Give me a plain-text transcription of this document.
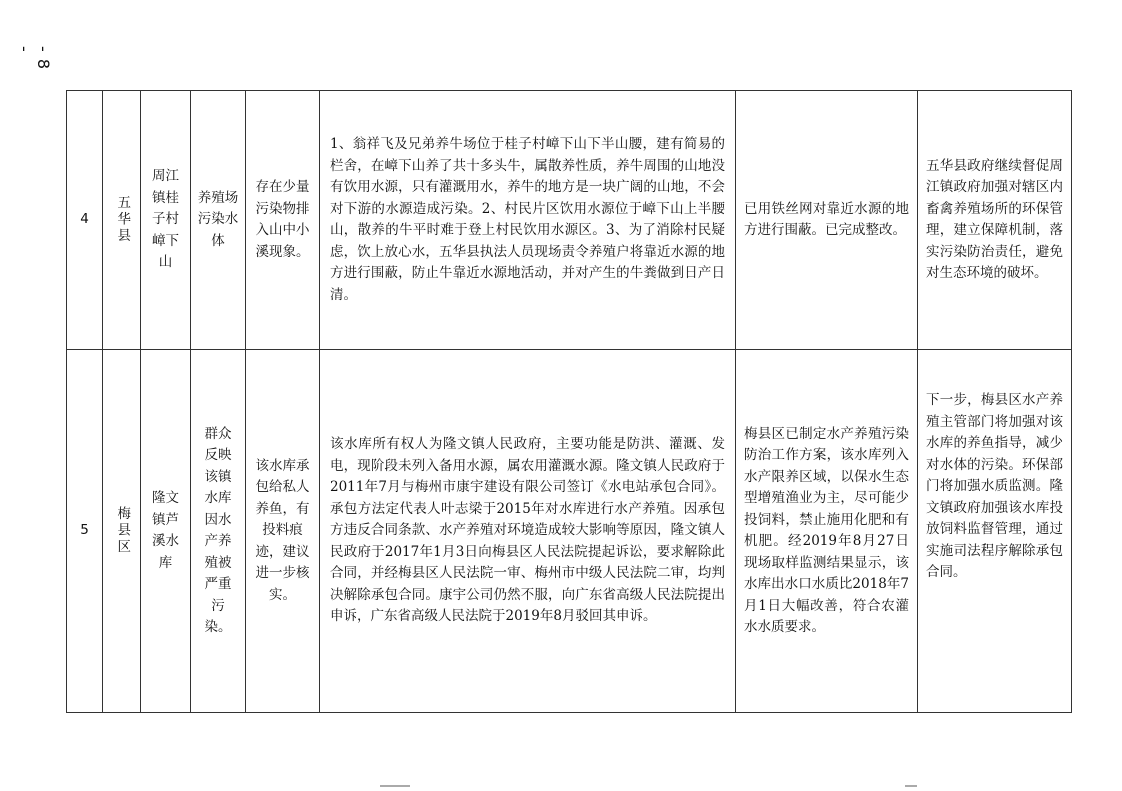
- 8 -
4	五华县	周江镇桂子村嶂下山	养殖场污染水体	存在少量污染物排入山中小溪现象。	1、翁祥飞及兄弟养牛场位于桂子村嶂下山下半山腰，建有简易的栏舍，在嶂下山养了共十多头牛，属散养性质，养牛周围的山地没有饮用水源，只有灌溉用水，养牛的地方是一块广阔的山地，不会对下游的水源造成污染。2、村民片区饮用水源位于嶂下山上半腰山，散养的牛平时难于登上村民饮用水源区。3、为了消除村民疑虑，饮上放心水，五华县执法人员现场责令养殖户将靠近水源的地方进行围蔽，防止牛靠近水源地活动，并对产生的牛粪做到日产日清。	已用铁丝网对靠近水源的地方进行围蔽。已完成整改。	五华县政府继续督促周江镇政府加强对辖区内畜禽养殖场所的环保管理，建立保障机制，落实污染防治责任，避免对生态环境的破坏。
5	梅县区	隆文镇芦溪水库	群众反映该镇水库因水产养殖被严重污染。	该水库承包给私人养鱼，有投料痕迹，建议进一步核实。	该水库所有权人为隆文镇人民政府，主要功能是防洪、灌溉、发电，现阶段未列入备用水源，属农用灌溉水源。隆文镇人民政府于2011年7月与梅州市康宇建设有限公司签订《水电站承包合同》。承包方法定代表人叶志梁于2015年对水库进行水产养殖。因承包方违反合同条款、水产养殖对环境造成较大影响等原因，隆文镇人民政府于2017年1月3日向梅县区人民法院提起诉讼，要求解除此合同，并经梅县区人民法院一审、梅州市中级人民法院二审，均判决解除承包合同。康宇公司仍然不服，向广东省高级人民法院提出申诉，广东省高级人民法院于2019年8月驳回其申诉。	梅县区已制定水产养殖污染防治工作方案，该水库列入水产限养区域，以保水生态型增殖渔业为主，尽可能少投饲料，禁止施用化肥和有机肥。经2019年8月27日现场取样监测结果显示，该水库出水口水质比2018年7月1日大幅改善，符合农灌水水质要求。	下一步，梅县区水产养殖主管部门将加强对该水库的养鱼指导，减少对水体的污染。环保部门将加强水质监测。隆文镇政府加强该水库投放饲料监督管理，通过实施司法程序解除承包合同。
